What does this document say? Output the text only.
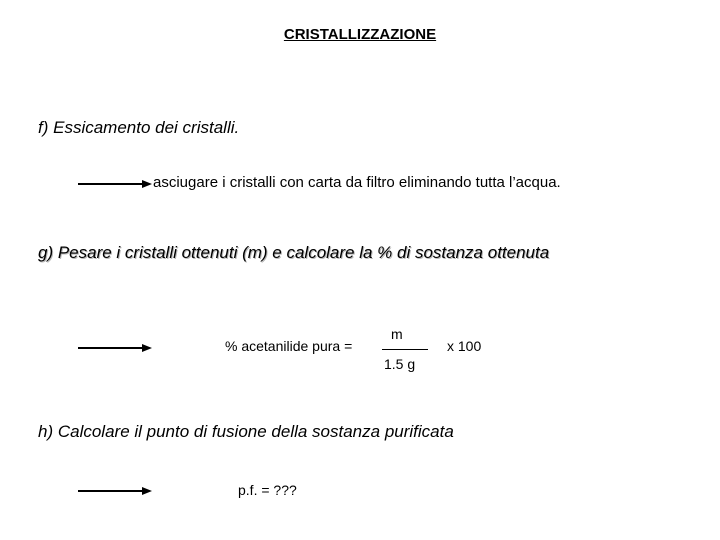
CRISTALLIZZAZIONE
f) Essicamento dei cristalli.
asciugare i cristalli con carta da filtro eliminando tutta l’acqua.
g) Pesare i cristalli ottenuti (m) e calcolare la % di sostanza ottenuta
% acetanilide pura =
m
1.5 g
x 100
h) Calcolare il punto di fusione della sostanza purificata
p.f. = ???
